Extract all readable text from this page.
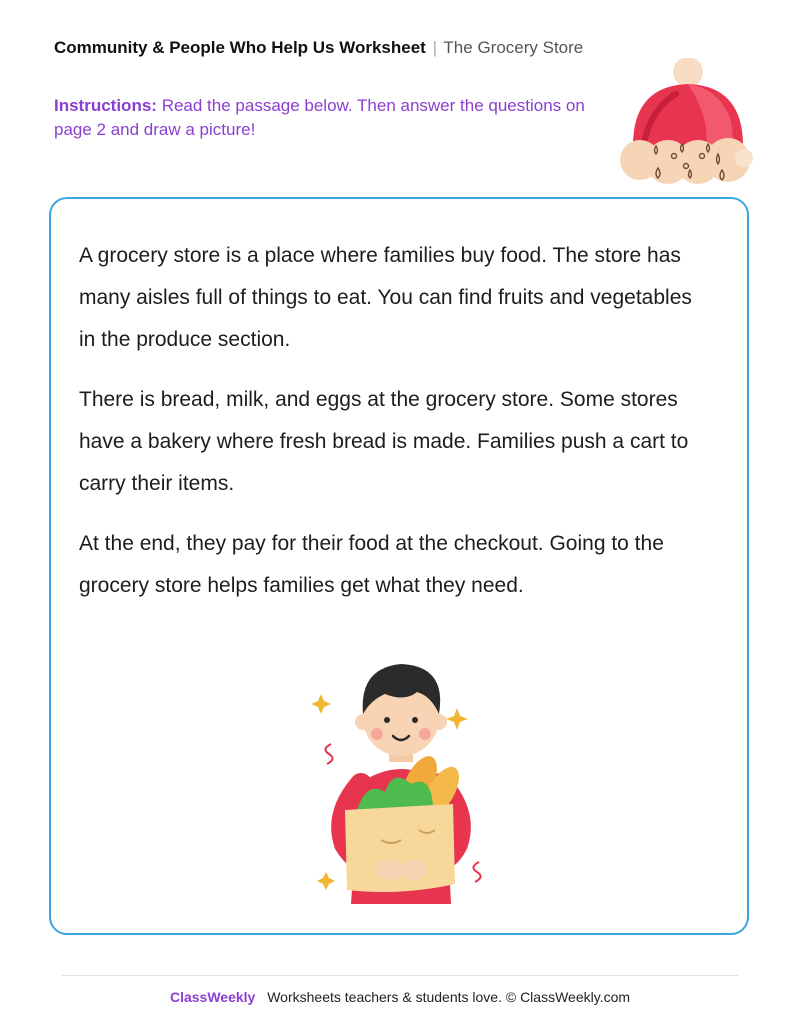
Community & People Who Help Us Worksheet | The Grocery Store
Instructions: Read the passage below. Then answer the questions on page 2 and draw a picture!

A grocery store is a place where families buy food. The store has many aisles full of things to eat. You can find fruits and vegetables in the produce section.

There is bread, milk, and eggs at the grocery store. Some stores have a bakery where fresh bread is made. Families push a cart to carry their items.

At the end, they pay for their food at the checkout. Going to the grocery store helps families get what they need.

ClassWeekly Worksheets teachers & students love. © ClassWeekly.com
